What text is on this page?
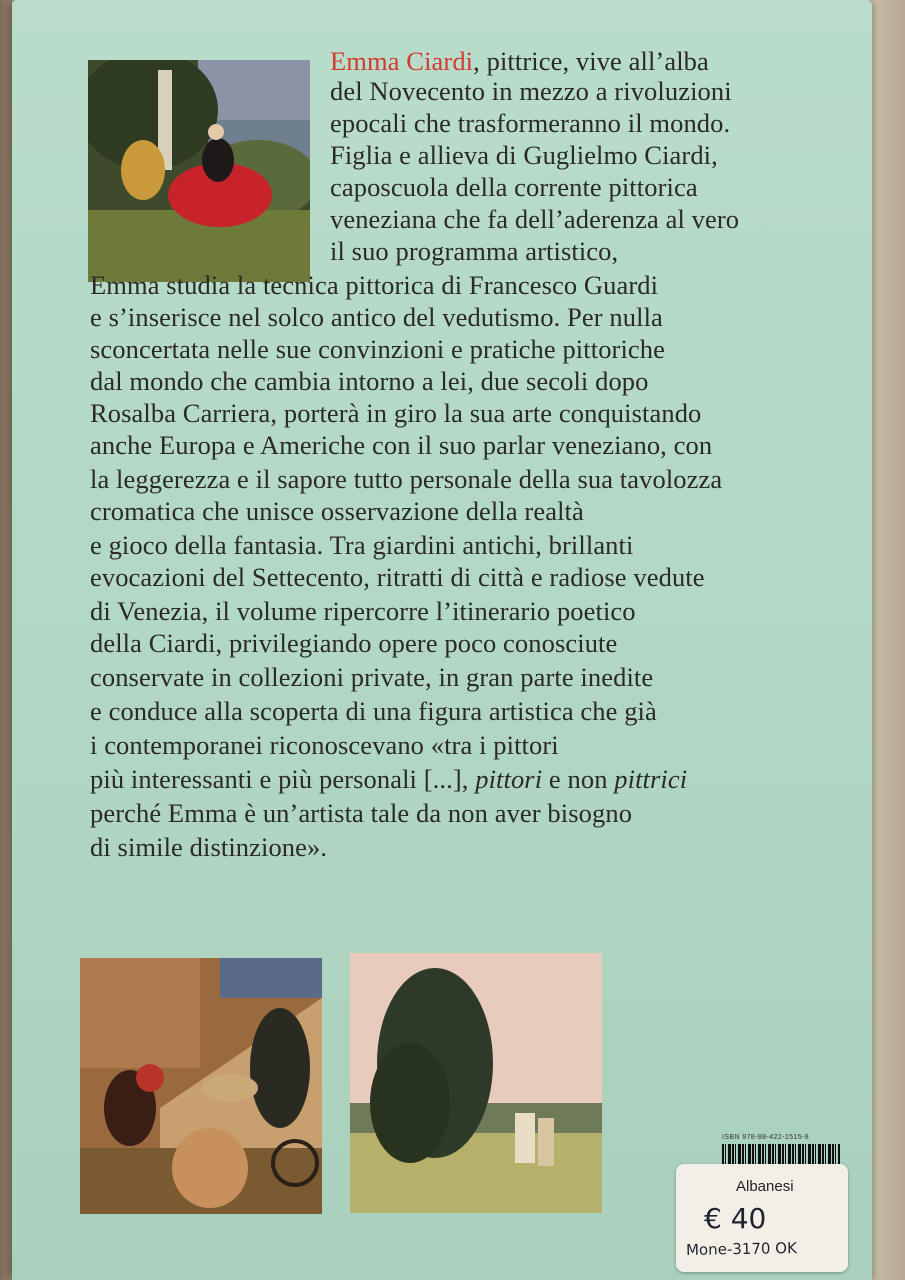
Emma Ciardi, pittrice, vive all’alba
del Novecento in mezzo a rivoluzioni
epocali che trasformeranno il mondo.
Figlia e allieva di Guglielmo Ciardi,
caposcuola della corrente pittorica
veneziana che fa dell’aderenza al vero
il suo programma artistico,
Emma studia la tecnica pittorica di Francesco Guardi
e s’inserisce nel solco antico del vedutismo. Per nulla
sconcertata nelle sue convinzioni e pratiche pittoriche
dal mondo che cambia intorno a lei, due secoli dopo
Rosalba Carriera, porterà in giro la sua arte conquistando
anche Europa e Americhe con il suo parlar veneziano, con
la leggerezza e il sapore tutto personale della sua tavolozza
cromatica che unisce osservazione della realtà
e gioco della fantasia. Tra giardini antichi, brillanti
evocazioni del Settecento, ritratti di città e radiose vedute
di Venezia, il volume ripercorre l’itinerario poetico
della Ciardi, privilegiando opere poco conosciute
conservate in collezioni private, in gran parte inedite
e conduce alla scoperta di una figura artistica che già
i contemporanei riconoscevano «tra i pittori
più interessanti e più personali [...], pittori e non pittrici
perché Emma è un’artista tale da non aver bisogno
di simile distinzione».
ISBN 978-88-422-1515-8
Albanesi
€ 40
Mone-3170 OK
